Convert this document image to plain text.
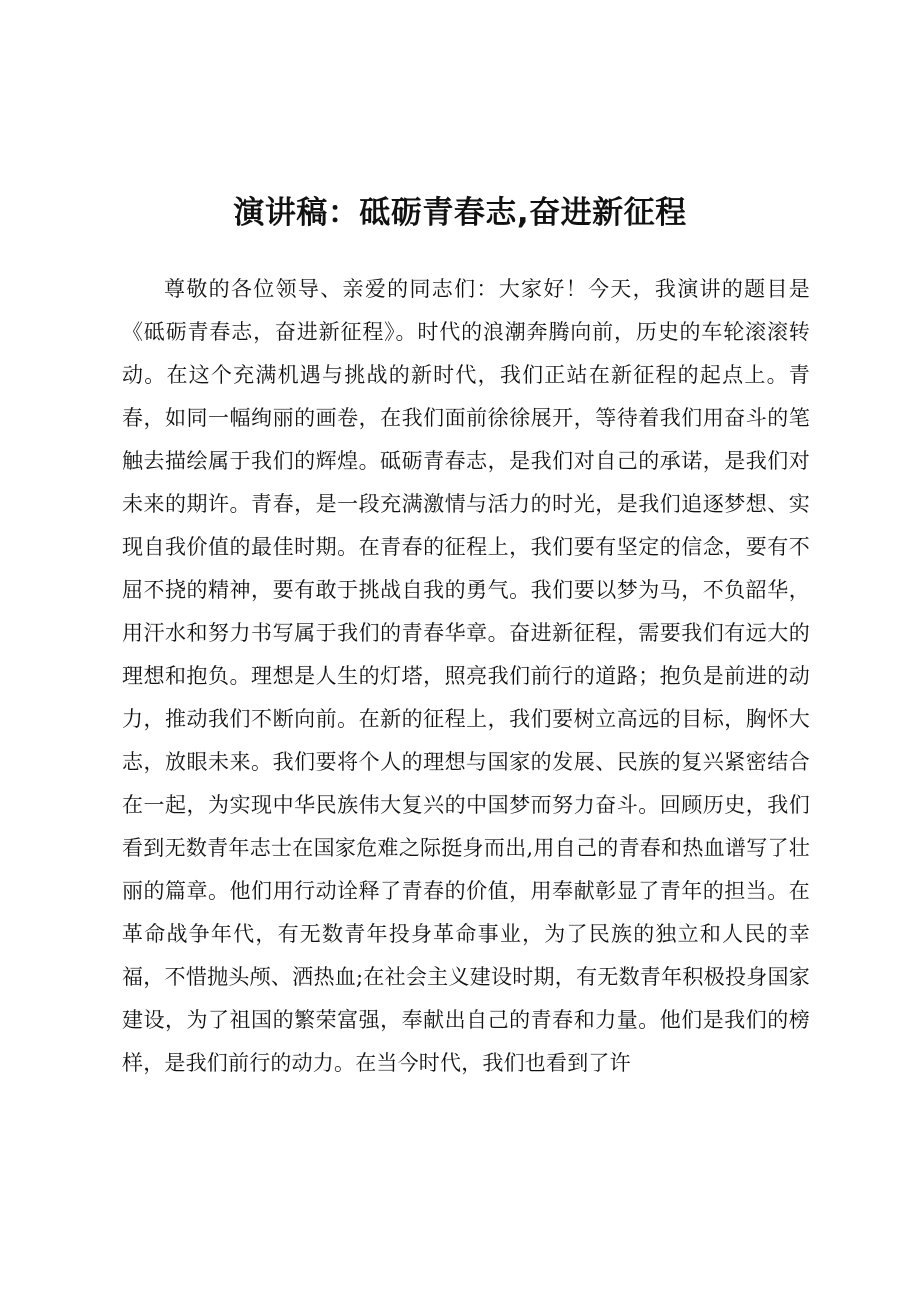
演讲稿：砥砺青春志,奋进新征程

尊敬的各位领导、亲爱的同志们：大家好！今天，我演讲的题目是《砥砺青春志，奋进新征程》。时代的浪潮奔腾向前，历史的车轮滚滚转动。在这个充满机遇与挑战的新时代，我们正站在新征程的起点上。青春，如同一幅绚丽的画卷，在我们面前徐徐展开，等待着我们用奋斗的笔触去描绘属于我们的辉煌。砥砺青春志，是我们对自己的承诺，是我们对未来的期许。青春，是一段充满激情与活力的时光，是我们追逐梦想、实现自我价值的最佳时期。在青春的征程上，我们要有坚定的信念，要有不屈不挠的精神，要有敢于挑战自我的勇气。我们要以梦为马，不负韶华，用汗水和努力书写属于我们的青春华章。奋进新征程，需要我们有远大的理想和抱负。理想是人生的灯塔，照亮我们前行的道路；抱负是前进的动力，推动我们不断向前。在新的征程上，我们要树立高远的目标，胸怀大志，放眼未来。我们要将个人的理想与国家的发展、民族的复兴紧密结合在一起，为实现中华民族伟大复兴的中国梦而努力奋斗。回顾历史，我们看到无数青年志士在国家危难之际挺身而出,用自己的青春和热血谱写了壮丽的篇章。他们用行动诠释了青春的价值，用奉献彰显了青年的担当。在革命战争年代，有无数青年投身革命事业，为了民族的独立和人民的幸福，不惜抛头颅、洒热血;在社会主义建设时期，有无数青年积极投身国家建设，为了祖国的繁荣富强，奉献出自己的青春和力量。他们是我们的榜样，是我们前行的动力。在当今时代，我们也看到了许
